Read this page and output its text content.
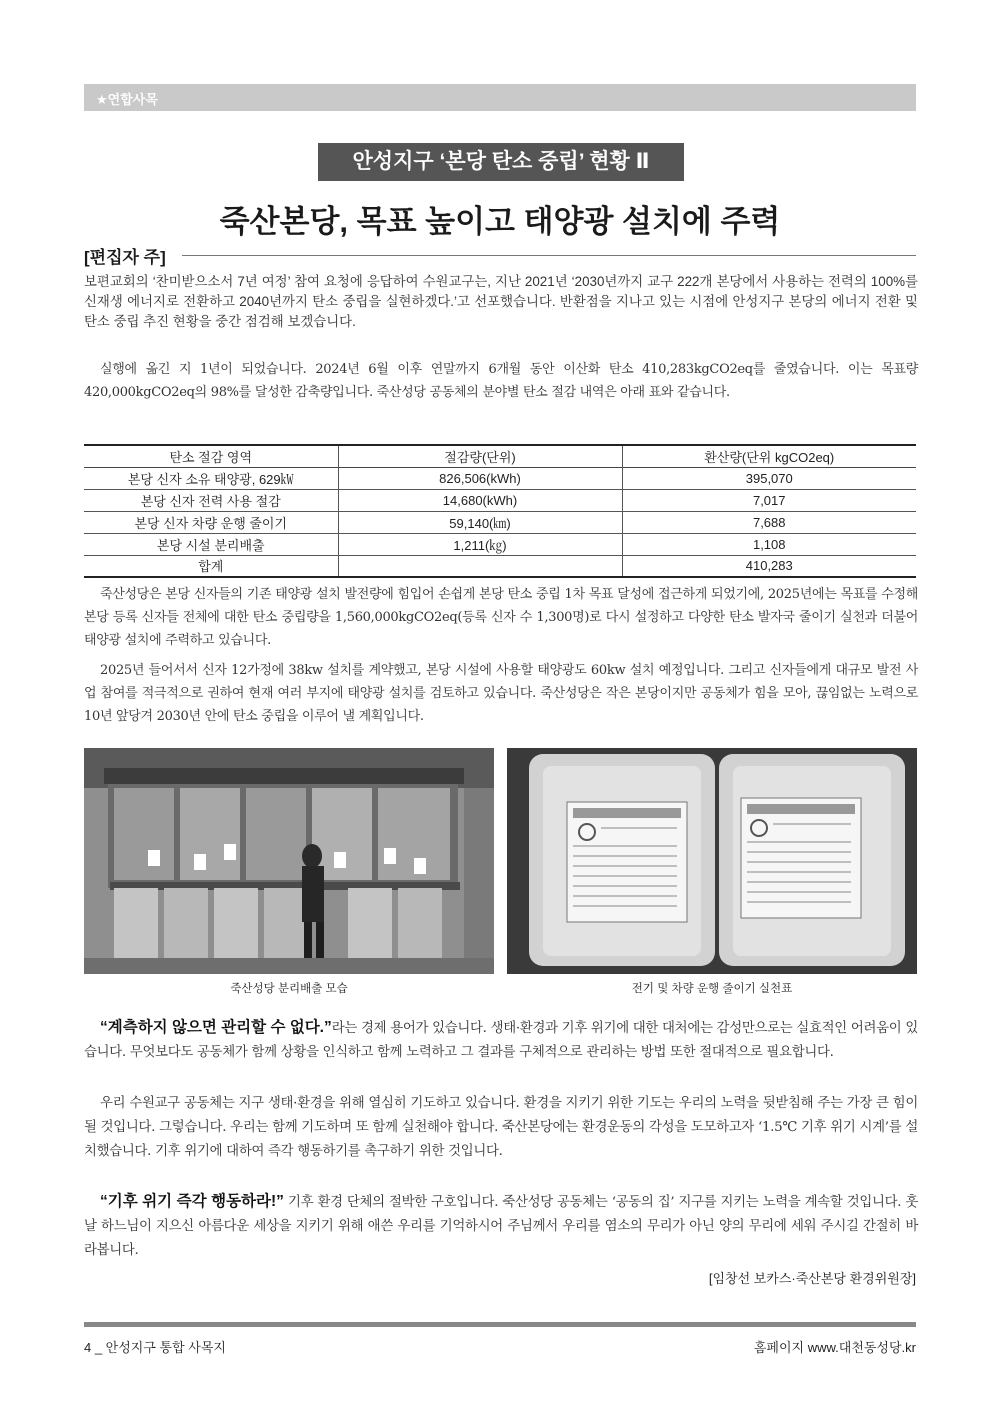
★연합사목
안성지구 ‘본당 탄소 중립’ 현황 Ⅱ
죽산본당, 목표 높이고 태양광 설치에 주력
[편집자 주]
보편교회의 ‘찬미받으소서 7년 여정’ 참여 요청에 응답하여 수원교구는, 지난 2021년 ‘2030년까지 교구 222개 본당에서 사용하는 전력의 100%를 신재생 에너지로 전환하고 2040년까지 탄소 중립을 실현하겠다.’고 선포했습니다. 반환점을 지나고 있는 시점에 안성지구 본당의 에너지 전환 및 탄소 중립 추진 현황을 중간 점검해 보겠습니다.
실행에 옮긴 지 1년이 되었습니다. 2024년 6월 이후 연말까지 6개월 동안 이산화 탄소 410,283kgCO2eq를 줄였습니다. 이는 목표량 420,000kgCO2eq의 98%를 달성한 감축량입니다. 죽산성당 공동체의 분야별 탄소 절감 내역은 아래 표와 같습니다.
탄소 절감 영역	절감량(단위)	환산량(단위 kgCO2eq)
본당 신자 소유 태양광, 629㎾	826,506(kWh)	395,070
본당 신자 전력 사용 절감	14,680(kWh)	7,017
본당 신자 차량 운행 줄이기	59,140(㎞)	7,688
본당 시설 분리배출	1,211(㎏)	1,108
합계		410,283
죽산성당은 본당 신자들의 기존 태양광 설치 발전량에 힘입어 손쉽게 본당 탄소 중립 1차 목표 달성에 접근하게 되었기에, 2025년에는 목표를 수정해 본당 등록 신자들 전체에 대한 탄소 중립량을 1,560,000kgCO2eq(등록 신자 수 1,300명)로 다시 설정하고 다양한 탄소 발자국 줄이기 실천과 더불어 태양광 설치에 주력하고 있습니다.
2025년 들어서서 신자 12가정에 38kw 설치를 계약했고, 본당 시설에 사용할 태양광도 60kw 설치 예정입니다. 그리고 신자들에게 대규모 발전 사업 참여를 적극적으로 권하여 현재 여러 부지에 태양광 설치를 검토하고 있습니다. 죽산성당은 작은 본당이지만 공동체가 힘을 모아, 끊임없는 노력으로 10년 앞당겨 2030년 안에 탄소 중립을 이루어 낼 계획입니다.
죽산성당 분리배출 모습	전기 및 차량 운행 줄이기 실천표
“계측하지 않으면 관리할 수 없다.”라는 경제 용어가 있습니다. 생태·환경과 기후 위기에 대한 대처에는 감성만으로는 실효적인 어려움이 있습니다. 무엇보다도 공동체가 함께 상황을 인식하고 함께 노력하고 그 결과를 구체적으로 관리하는 방법 또한 절대적으로 필요합니다.
우리 수원교구 공동체는 지구 생태·환경을 위해 열심히 기도하고 있습니다. 환경을 지키기 위한 기도는 우리의 노력을 뒷받침해 주는 가장 큰 힘이 될 것입니다. 그렇습니다. 우리는 함께 기도하며 또 함께 실천해야 합니다. 죽산본당에는 환경운동의 각성을 도모하고자 ‘1.5℃ 기후 위기 시계’를 설치했습니다. 기후 위기에 대하여 즉각 행동하기를 촉구하기 위한 것입니다.
“기후 위기 즉각 행동하라!” 기후 환경 단체의 절박한 구호입니다. 죽산성당 공동체는 ‘공동의 집’ 지구를 지키는 노력을 계속할 것입니다. 훗날 하느님이 지으신 아름다운 세상을 지키기 위해 애쓴 우리를 기억하시어 주님께서 우리를 염소의 무리가 아닌 양의 무리에 세워 주시길 간절히 바라봅니다.
[임창선 보카스·죽산본당 환경위원장]
4 _ 안성지구 통합 사목지	홈페이지 www.대천동성당.kr
